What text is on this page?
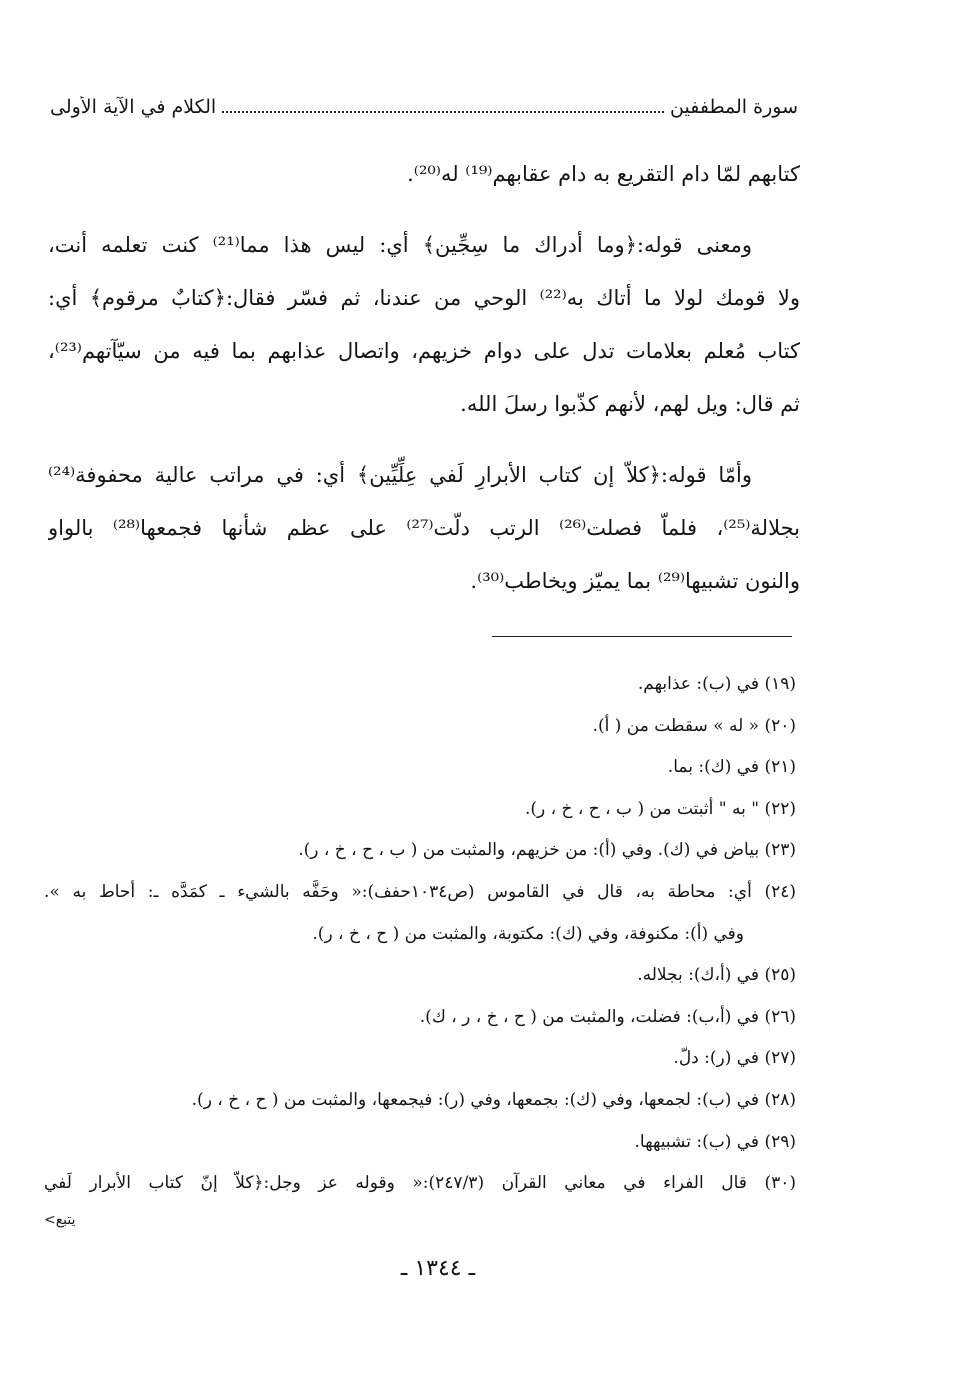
سورة المطففين
الكلام في الآية الأولى
كتابهم لمّا دام التقريع به دام عقابهم⁽¹⁹⁾ له⁽²⁰⁾.
ومعنى قوله:﴿وما أدراك ما سِجِّين﴾ أي: ليس هذا مما⁽²¹⁾ كنت تعلمه أنت،
ولا قومك لولا ما أتاك به⁽²²⁾ الوحي من عندنا، ثم فسّر فقال:﴿كتابٌ مرقوم﴾ أي:
كتاب مُعلم بعلامات تدل على دوام خزيهم، واتصال عذابهم بما فيه من سيّآتهم⁽²³⁾،
ثم قال: ويل لهم، لأنهم كذّبوا رسلَ الله.
وأمّا قوله:﴿كلاّ إن كتاب الأبرارِ لَفي عِلِّيِّين﴾ أي: في مراتب عالية محفوفة⁽²⁴⁾
بجلالة⁽²⁵⁾، فلماّ فصلت⁽²⁶⁾ الرتب دلّت⁽²⁷⁾ على عظم شأنها فجمعها⁽²⁸⁾ بالواو
والنون تشبيها⁽²⁹⁾ بما يميّز ويخاطب⁽³⁰⁾.
(١٩) في (ب): عذابهم.
(٢٠) « له » سقطت من ( أ).
(٢١) في (ك): بما.
(٢٢) " به " أثبتت من ( ب ، ح ، خ ، ر).
(٢٣) بياض في (ك). وفي (أ): من خزيهم، والمثبت من ( ب ، ح ، خ ، ر).
(٢٤) أي: محاطة به، قال في القاموس (ص١٠٣٤حفف):« وحَفَّه بالشيء ـ كمَدَّه ـ: أحاط به ».
وفي (أ): مكنوفة، وفي (ك): مكتوبة، والمثبت من ( ح ، خ ، ر).
(٢٥) في (أ،ك): بجلاله.
(٢٦) في (أ،ب): فضلت، والمثبت من ( ح ، خ ، ر ، ك).
(٢٧) في (ر): دلّ.
(٢٨) في (ب): لجمعها، وفي (ك): بجمعها، وفي (ر): فيجمعها، والمثبت من ( ح ، خ ، ر).
(٢٩) في (ب): تشبيهها.
(٣٠) قال الفراء في معاني القرآن (٢٤٧/٣):« وقوله عز وجل:﴿كلاّ إنّ كتاب الأبرار لَفي
يتبع>
ـ ١٣٤٤ ـ
